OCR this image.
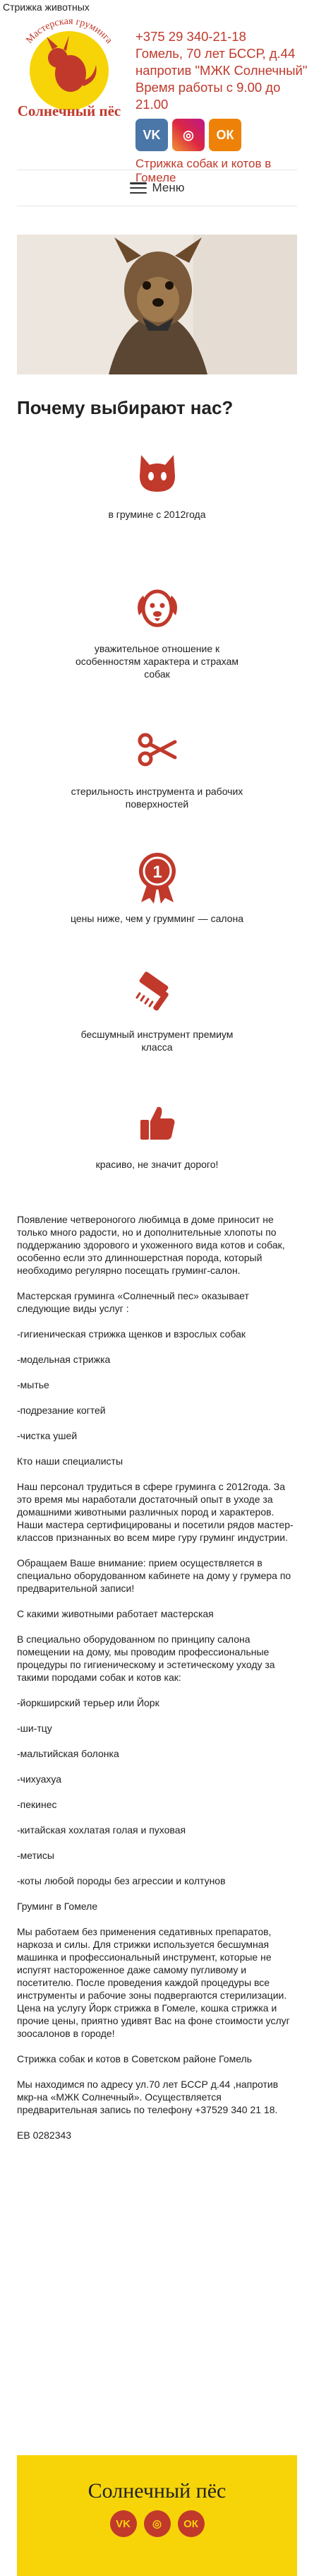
Стрижка животных
Мастерская груминга
Солнечный пёс
+375 29 340-21-18
Гомель, 70 лет БССР, д.44
напротив "МЖК Солнечный"
Время работы с 9.00 до 21.00
VK	◎	ОК
Стрижка собак и котов в Гомеле
Меню
Почему выбирают нас?
в грумине с 2012года
уважительное отношение к особенностям характера и страхам собак
стерильность инструмента и рабочих поверхностей
1
цены ниже, чем у грумминг — салона
бесшумный инструмент премиум класса
красиво, не значит дорого!

Появление четвероногого любимца в доме приносит не только много радости, но и дополнительные хлопоты по поддержанию здорового и ухоженного вида котов и собак, особенно если это длинношерстная порода, который необходимо регулярно посещать груминг-салон.

Мастерская груминга «Солнечный пес» оказывает следующие виды услуг :

-гигиеническая стрижка щенков и взрослых собак

-модельная стрижка

-мытье

-подрезание когтей

-чистка ушей

Кто наши специалисты

Наш персонал трудиться в сфере груминга с 2012года. За это время мы наработали достаточный опыт в уходе за домашними животными различных пород и характеров. Наши мастера сертифицированы и посетили рядов мастер-классов признанных во всем мире гуру груминг индустрии.

Обращаем Ваше внимание: прием осуществляется в специально оборудованном кабинете на дому у грумера по предварительной записи!

С какими животными работает мастерская

В специально оборудованном по принципу салона помещении на дому, мы проводим профессиональные процедуры по гигиеническому и эстетическому уходу за такими породами собак и котов как:

-йоркширский терьер или Йорк

-ши-тцу

-мальтийская болонка

-чихуахуа

-пекинес

-китайская хохлатая голая и пуховая

-метисы

-коты любой породы без агрессии и колтунов

Груминг в Гомеле

Мы работаем без применения седативных препаратов, наркоза и силы. Для стрижки используется бесшумная машинка и профессиональный инструмент, которые не испугят настороженное даже самому пугливому и посетителю. После проведения каждой процедуры все инструменты и рабочие зоны подвергаются стерилизации. Цена на услугу Йорк стрижка в Гомеле, кошка стрижка и прочие цены, приятно удивят Вас на фоне стоимости услуг зоосалонов в городе!

Стрижка собак и котов в Советском районе Гомель

Мы находимся по адресу ул.70 лет БССР д.44 ,напротив мкр-на «МЖК Солнечный». Осуществляется предварительная запись по телефону +37529 340 21 18.

ЕВ 0282343

Солнечный пёс
VK	◎	ОК
